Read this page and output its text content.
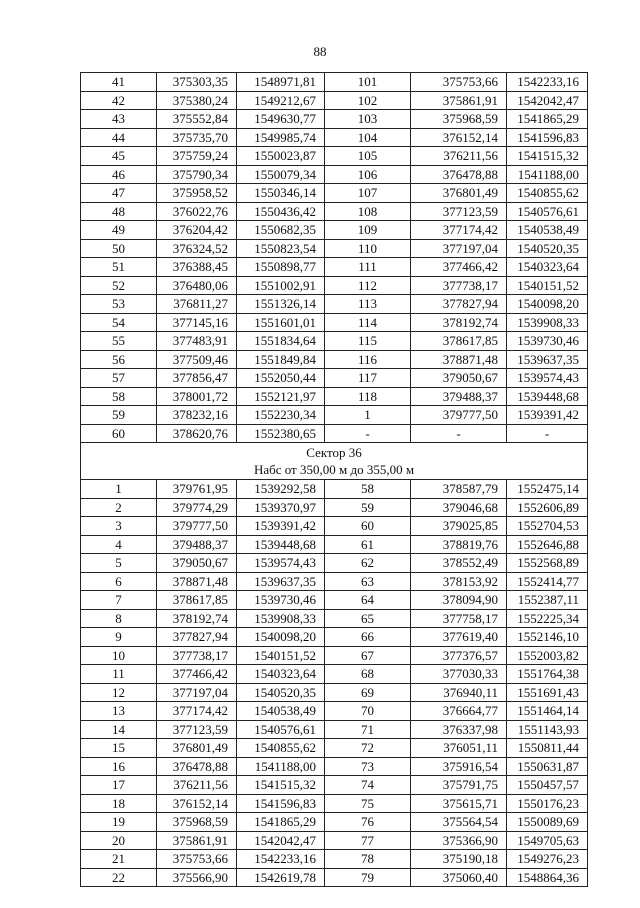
88
41	375303,35	1548971,81	101	375753,66	1542233,16
42	375380,24	1549212,67	102	375861,91	1542042,47
43	375552,84	1549630,77	103	375968,59	1541865,29
44	375735,70	1549985,74	104	376152,14	1541596,83
45	375759,24	1550023,87	105	376211,56	1541515,32
46	375790,34	1550079,34	106	376478,88	1541188,00
47	375958,52	1550346,14	107	376801,49	1540855,62
48	376022,76	1550436,42	108	377123,59	1540576,61
49	376204,42	1550682,35	109	377174,42	1540538,49
50	376324,52	1550823,54	110	377197,04	1540520,35
51	376388,45	1550898,77	111	377466,42	1540323,64
52	376480,06	1551002,91	112	377738,17	1540151,52
53	376811,27	1551326,14	113	377827,94	1540098,20
54	377145,16	1551601,01	114	378192,74	1539908,33
55	377483,91	1551834,64	115	378617,85	1539730,46
56	377509,46	1551849,84	116	378871,48	1539637,35
57	377856,47	1552050,44	117	379050,67	1539574,43
58	378001,72	1552121,97	118	379488,37	1539448,68
59	378232,16	1552230,34	1	379777,50	1539391,42
60	378620,76	1552380,65	-	-	-

Сектор 36
Набс от 350,00 м до 355,00 м					

1	379761,95	1539292,58	58	378587,79	1552475,14
2	379774,29	1539370,97	59	379046,68	1552606,89
3	379777,50	1539391,42	60	379025,85	1552704,53
4	379488,37	1539448,68	61	378819,76	1552646,88
5	379050,67	1539574,43	62	378552,49	1552568,89
6	378871,48	1539637,35	63	378153,92	1552414,77
7	378617,85	1539730,46	64	378094,90	1552387,11
8	378192,74	1539908,33	65	377758,17	1552225,34
9	377827,94	1540098,20	66	377619,40	1552146,10
10	377738,17	1540151,52	67	377376,57	1552003,82
11	377466,42	1540323,64	68	377030,33	1551764,38
12	377197,04	1540520,35	69	376940,11	1551691,43
13	377174,42	1540538,49	70	376664,77	1551464,14
14	377123,59	1540576,61	71	376337,98	1551143,93
15	376801,49	1540855,62	72	376051,11	1550811,44
16	376478,88	1541188,00	73	375916,54	1550631,87
17	376211,56	1541515,32	74	375791,75	1550457,57
18	376152,14	1541596,83	75	375615,71	1550176,23
19	375968,59	1541865,29	76	375564,54	1550089,69
20	375861,91	1542042,47	77	375366,90	1549705,63
21	375753,66	1542233,16	78	375190,18	1549276,23
22	375566,90	1542619,78	79	375060,40	1548864,36
